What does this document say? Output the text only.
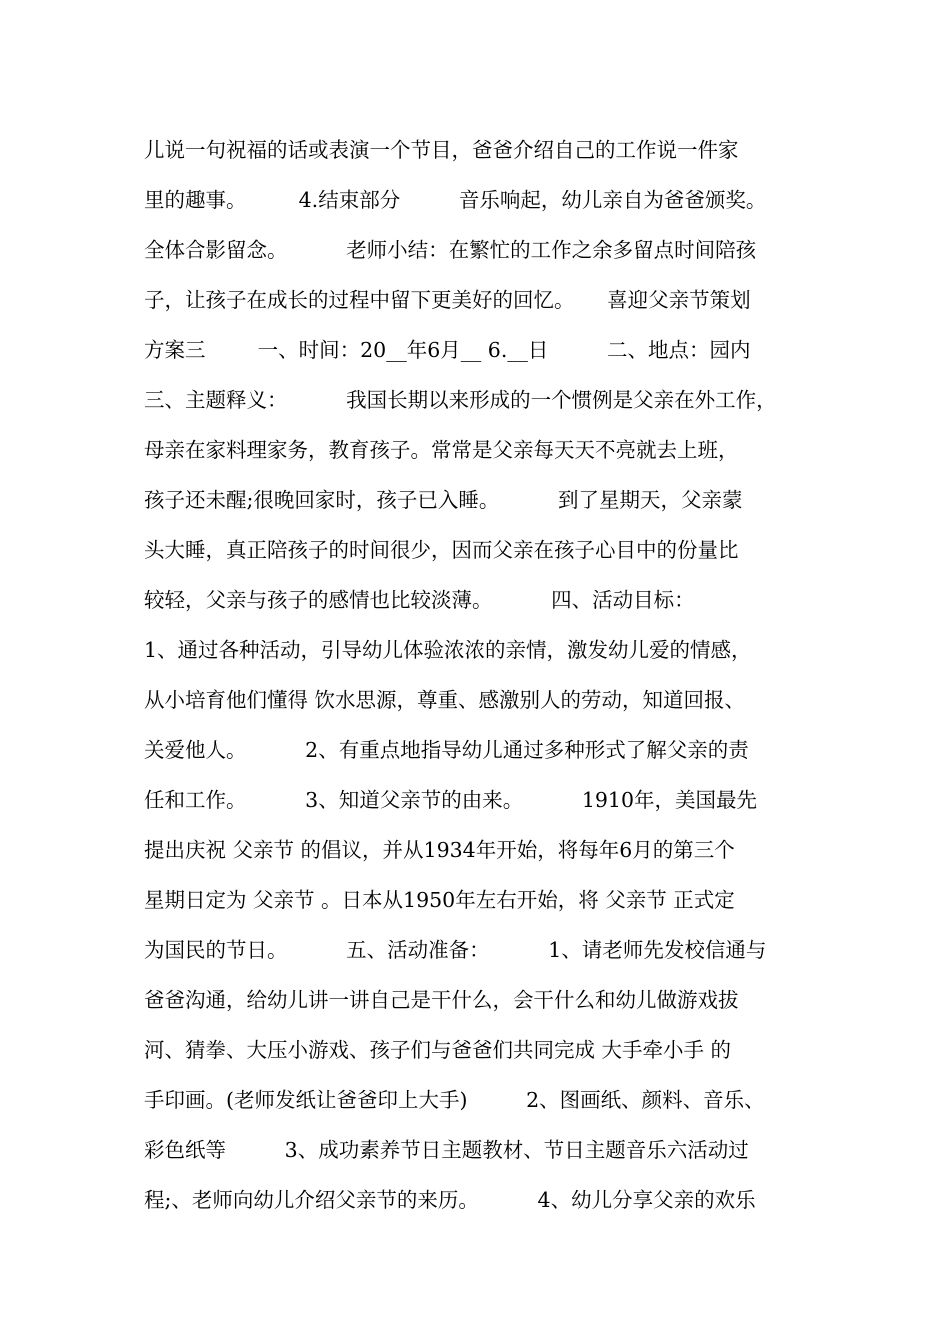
儿说一句祝福的话或表演一个节目，爸爸介绍自己的工作说一件家
里的趣事。        4.结束部分         音乐响起，幼儿亲自为爸爸颁奖。
全体合影留念。         老师小结：在繁忙的工作之余多留点时间陪孩
子，让孩子在成长的过程中留下更美好的回忆。     喜迎父亲节策划
方案三        一、时间：20__年6月__ 6.__日         二、地点：园内
三、主题释义：         我国长期以来形成的一个惯例是父亲在外工作，
母亲在家料理家务，教育孩子。常常是父亲每天天不亮就去上班，
孩子还未醒;很晚回家时，孩子已入睡。         到了星期天，父亲蒙
头大睡，真正陪孩子的时间很少，因而父亲在孩子心目中的份量比
较轻，父亲与孩子的感情也比较淡薄。         四、活动目标：
1、通过各种活动，引导幼儿体验浓浓的亲情，激发幼儿爱的情感，
从小培育他们懂得 饮水思源，尊重、感激别人的劳动，知道回报、
关爱他人。         2、有重点地指导幼儿通过多种形式了解父亲的责
任和工作。         3、知道父亲节的由来。         1910年，美国最先
提出庆祝 父亲节 的倡议，并从1934年开始，将每年6月的第三个
星期日定为 父亲节 。日本从1950年左右开始，将 父亲节 正式定
为国民的节日。         五、活动准备：         1、请老师先发校信通与
爸爸沟通，给幼儿讲一讲自己是干什么，会干什么和幼儿做游戏拔
河、猜拳、大压小游戏、孩子们与爸爸们共同完成 大手牵小手 的
手印画。(老师发纸让爸爸印上大手)         2、图画纸、颜料、音乐、
彩色纸等         3、成功素养节日主题教材、节日主题音乐六活动过
程;、老师向幼儿介绍父亲节的来历。         4、幼儿分享父亲的欢乐
